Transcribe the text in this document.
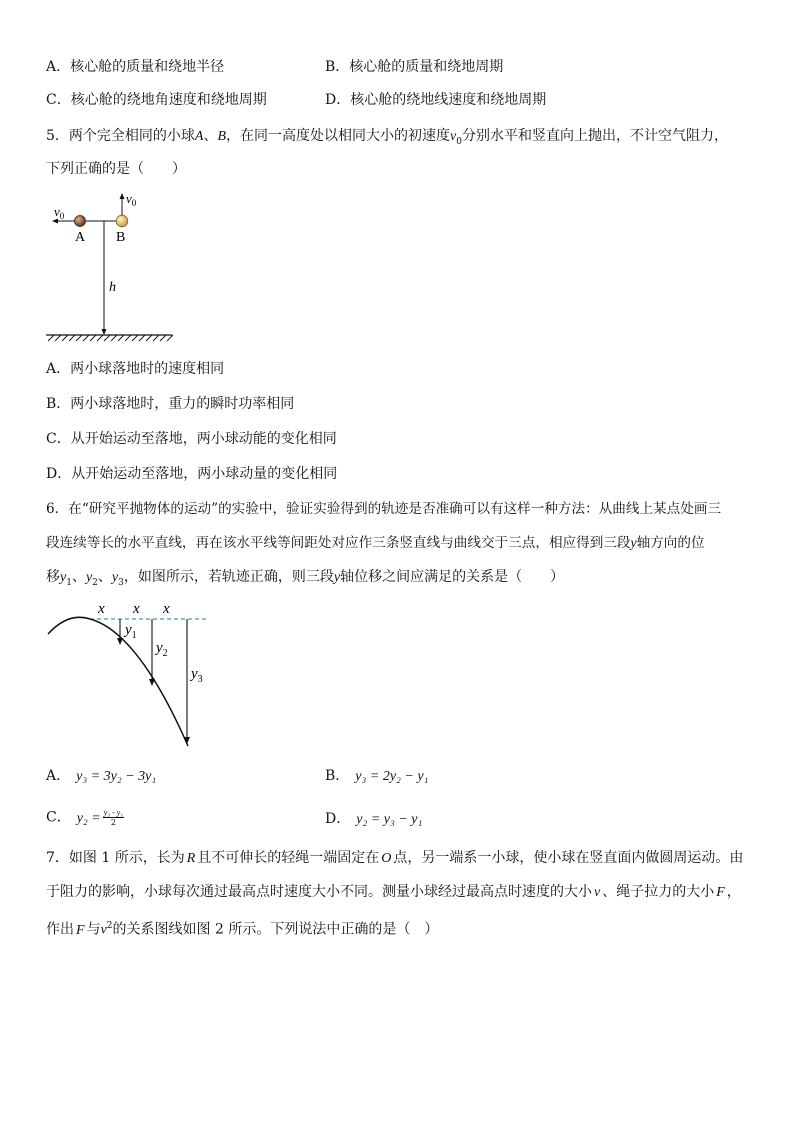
A．核心舱的质量和绕地半径	B．核心舱的质量和绕地周期
C．核心舱的绕地角速度和绕地周期	D．核心舱的绕地线速度和绕地周期
5．两个完全相同的小球A、B，在同一高度处以相同大小的初速度$v_0$分别水平和竖直向上抛出，不计空气阻力，
下列正确的是（　　）
$v_0$
$v_0$
A B
h
A．两小球落地时的速度相同
B．两小球落地时，重力的瞬时功率相同
C．从开始运动至落地，两小球动能的变化相同
D．从开始运动至落地，两小球动量的变化相同
6．在“研究平抛物体的运动”的实验中，验证实验得到的轨迹是否准确可以有这样一种方法：从曲线上某点处画三
段连续等长的水平直线，再在该水平线等间距处对应作三条竖直线与曲线交于三点，相应得到三段y轴方向的位
移$y_1$、$y_2$、$y_3$，如图所示，若轨迹正确，则三段y轴位移之间应满足的关系是（　　）
x x x
$y_1$
$y_2$
$y_3$
A． y₃ = 3y₂ − 3y₁	B． y₃ = 2y₂ − y₁
C． $y_2 = \frac{\text{y₃ - y₁}}{2}$	D． y₂ = y₃ − y₁
7．如图 1 所示，长为 R 且不可伸长的轻绳一端固定在 O 点，另一端系一小球，使小球在竖直面内做圆周运动。由
于阻力的影响，小球每次通过最高点时速度大小不同。测量小球经过最高点时速度的大小 v 、绳子拉力的大小 F ，
作出 F 与$v^2$的关系图线如图 2 所示。下列说法中正确的是（　）
